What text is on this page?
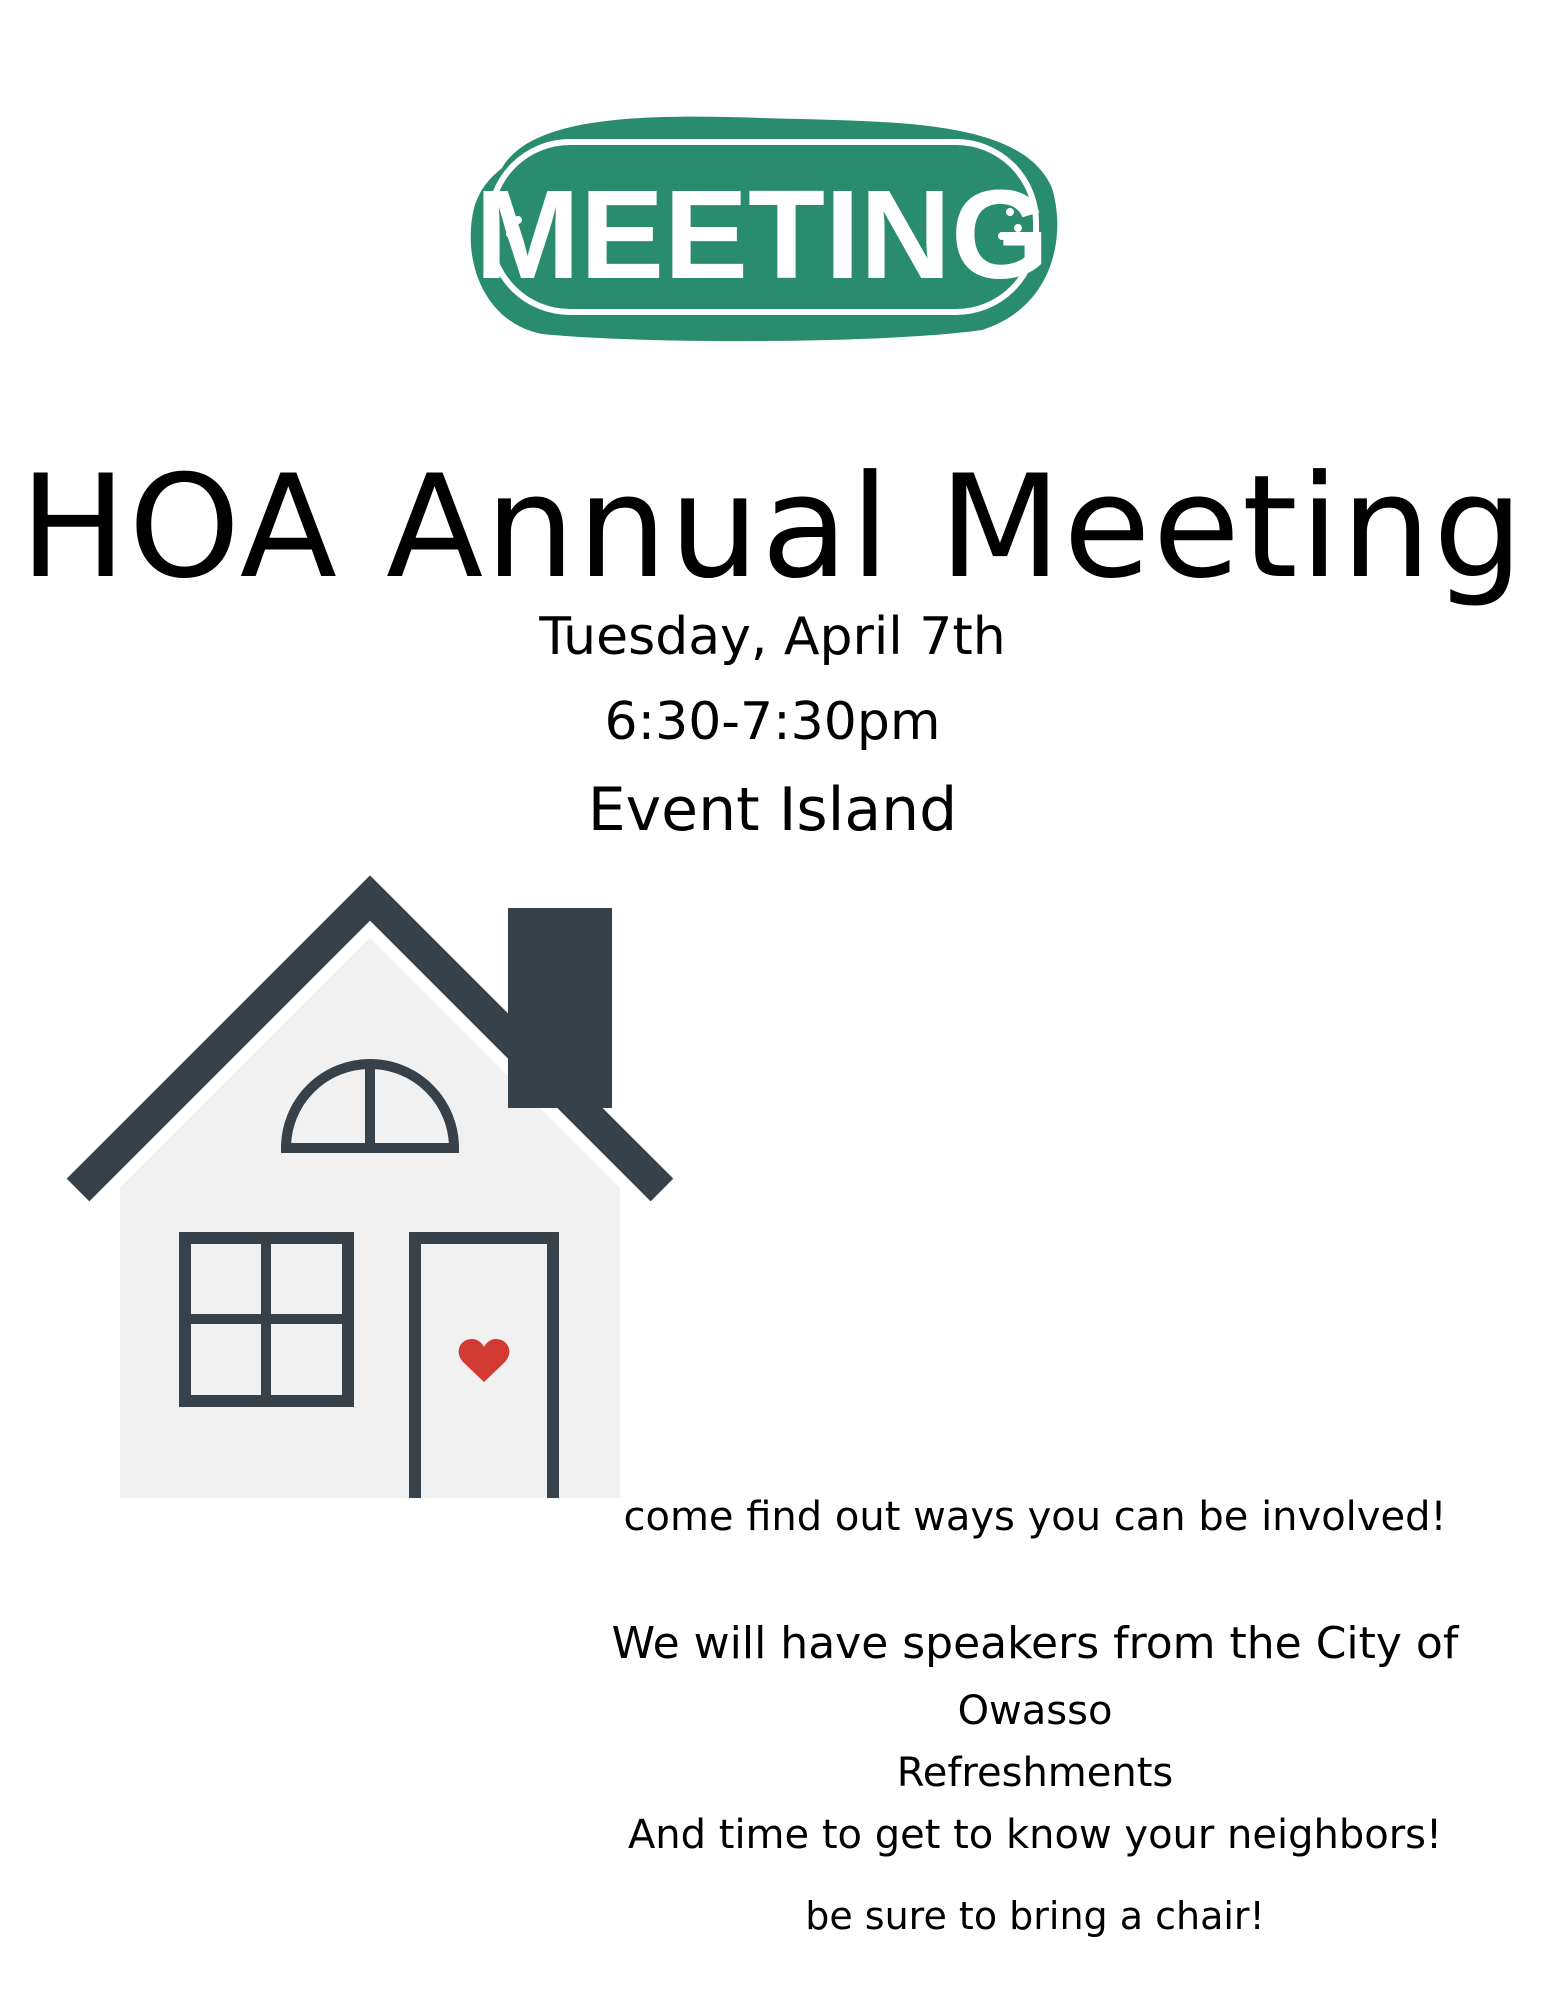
MEETING
HOA Annual Meeting
Tuesday, April 7th
6:30-7:30pm
Event Island
come find out ways you can be involved!
We will have speakers from the City of
Owasso
Refreshments
And time to get to know your neighbors!
be sure to bring a chair!
